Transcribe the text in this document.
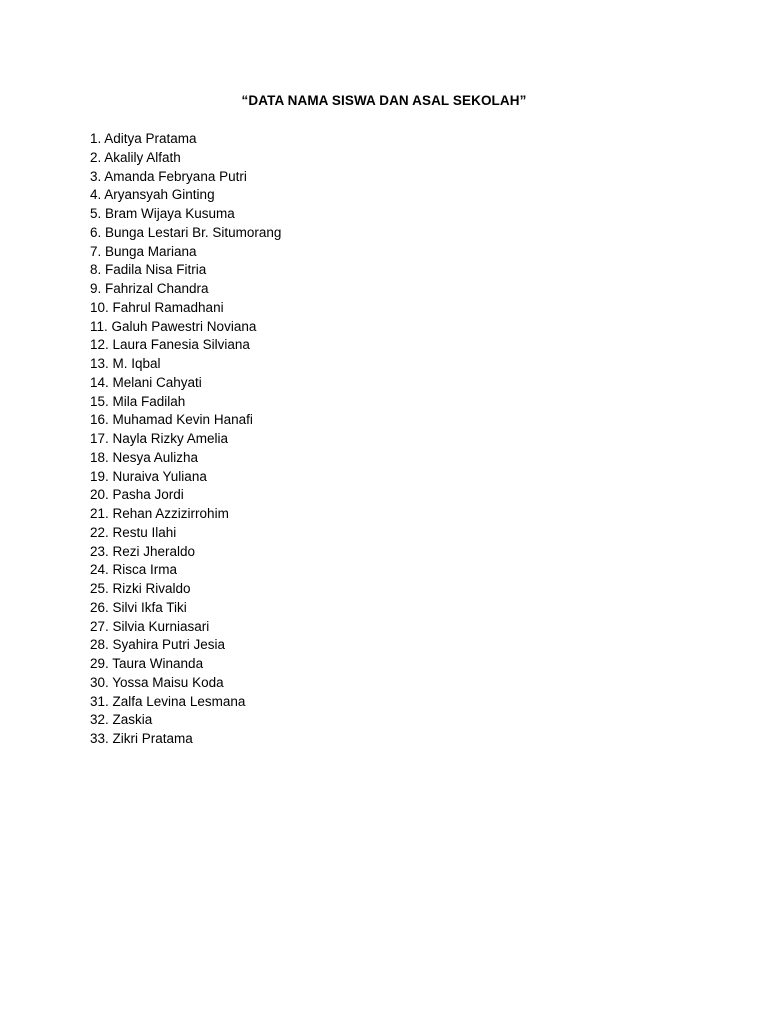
“DATA NAMA SISWA DAN ASAL SEKOLAH”
1. Aditya Pratama
2. Akalily Alfath
3. Amanda Febryana Putri
4. Aryansyah Ginting
5. Bram Wijaya Kusuma
6. Bunga Lestari Br. Situmorang
7. Bunga Mariana
8. Fadila Nisa Fitria
9. Fahrizal Chandra
10. Fahrul Ramadhani
11. Galuh Pawestri Noviana
12. Laura Fanesia Silviana
13. M. Iqbal
14. Melani Cahyati
15. Mila Fadilah
16. Muhamad Kevin Hanafi
17. Nayla Rizky Amelia
18. Nesya Aulizha
19. Nuraiva Yuliana
20. Pasha Jordi
21. Rehan Azzizirrohim
22. Restu Ilahi
23. Rezi Jheraldo
24. Risca Irma
25. Rizki Rivaldo
26. Silvi Ikfa Tiki
27. Silvia Kurniasari
28. Syahira Putri Jesia
29. Taura Winanda
30. Yossa Maisu Koda
31. Zalfa Levina Lesmana
32. Zaskia
33. Zikri Pratama
